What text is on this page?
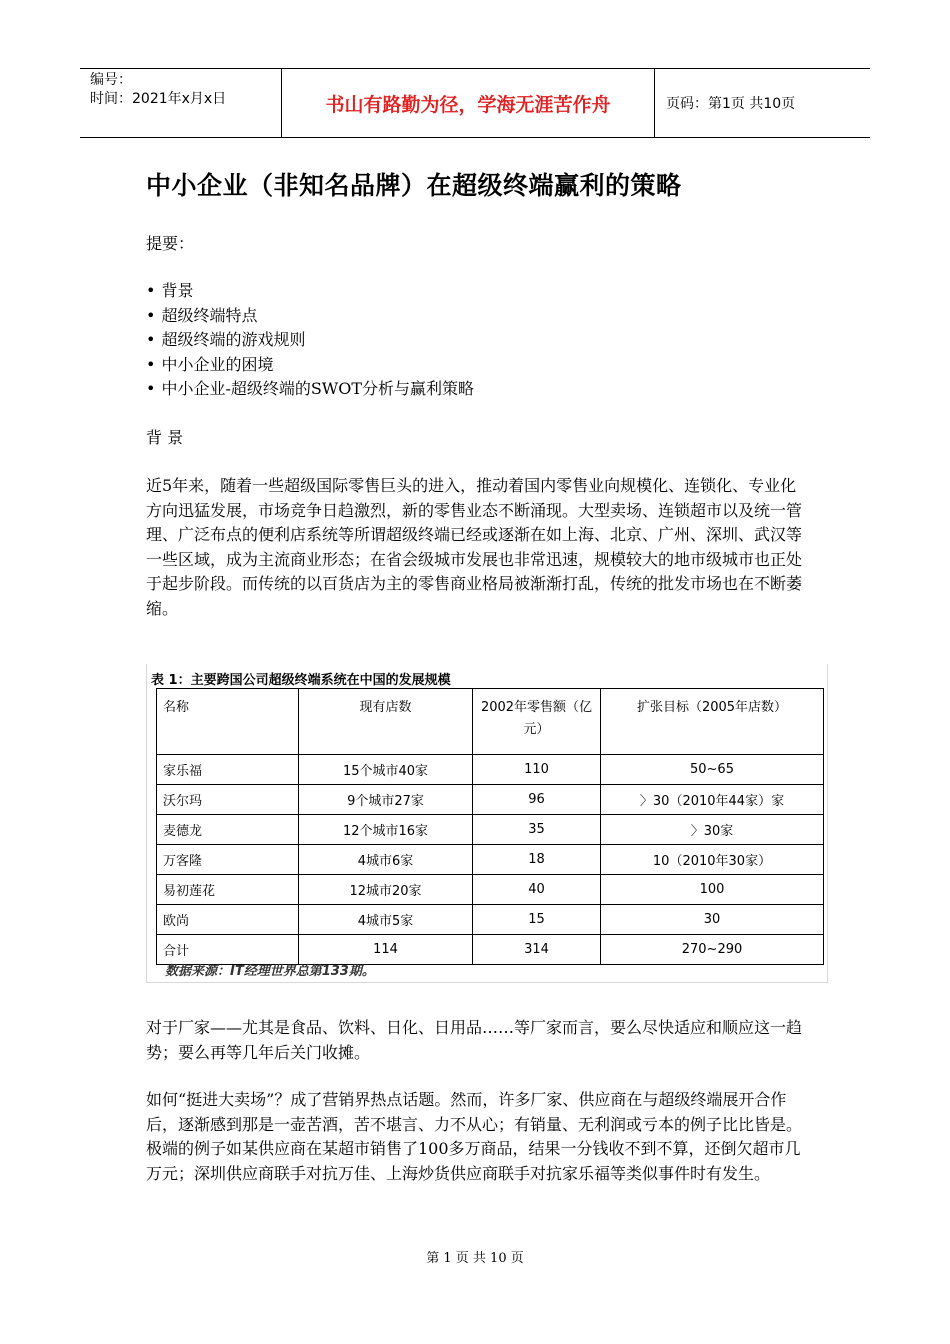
编号：
时间：2021年x月x日	书山有路勤为径，学海无涯苦作舟	页码：第1页 共10页
中小企业（非知名品牌）在超级终端赢利的策略
提要：
• 背景
• 超级终端特点
• 超级终端的游戏规则
• 中小企业的困境
• 中小企业-超级终端的SWOT分析与赢利策略
背 景
近5年来，随着一些超级国际零售巨头的进入，推动着国内零售业向规模化、连锁化、专业化方向迅猛发展，市场竞争日趋激烈，新的零售业态不断涌现。大型卖场、连锁超市以及统一管理、广泛布点的便利店系统等所谓超级终端已经或逐渐在如上海、北京、广州、深圳、武汉等一些区域，成为主流商业形态；在省会级城市发展也非常迅速，规模较大的地市级城市也正处于起步阶段。而传统的以百货店为主的零售商业格局被渐渐打乱，传统的批发市场也在不断萎缩。
表 1：主要跨国公司超级终端系统在中国的发展规模
名称	现有店数	2002年零售额（亿元）	扩张目标（2005年店数）
家乐福	15个城市40家	110	50~65
沃尔玛	9个城市27家	96	〉30（2010年44家）家
麦德龙	12个城市16家	35	〉30家
万客隆	4城市6家	18	10（2010年30家）
易初莲花	12城市20家	40	100
欧尚	4城市5家	15	30
合计	114	314	270~290
数据来源：IT经理世界总第133期。
对于厂家——尤其是食品、饮料、日化、日用品……等厂家而言，要么尽快适应和顺应这一趋势；要么再等几年后关门收摊。
如何“挺进大卖场”？成了营销界热点话题。然而，许多厂家、供应商在与超级终端展开合作后，逐渐感到那是一壶苦酒，苦不堪言、力不从心；有销量、无利润或亏本的例子比比皆是。极端的例子如某供应商在某超市销售了100多万商品，结果一分钱收不到不算，还倒欠超市几万元；深圳供应商联手对抗万佳、上海炒货供应商联手对抗家乐福等类似事件时有发生。
第 1 页 共 10 页
